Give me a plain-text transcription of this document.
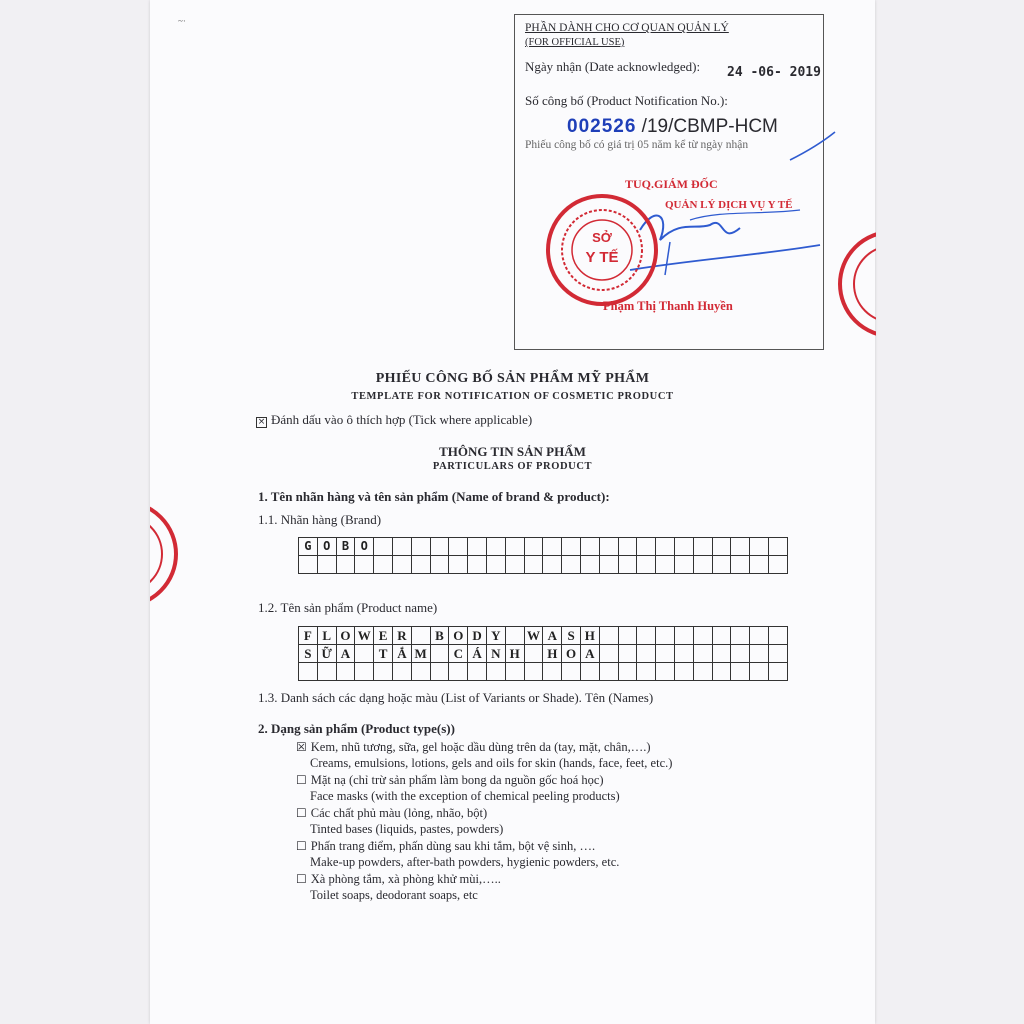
~·
PHẦN DÀNH CHO CƠ QUAN QUẢN LÝ
(FOR OFFICIAL USE)
Ngày nhận (Date acknowledged): 24 -06- 2019
Số công bố (Product Notification No.):
002526 /19/CBMP-HCM
Phiếu công bố có giá trị 05 năm kể từ ngày nhận
TUQ.GIÁM ĐỐC
QUẢN LÝ DỊCH VỤ Y TẾ
Phạm Thị Thanh Huyền
SỞ
Y TẾ
PHIẾU CÔNG BỐ SẢN PHẨM MỸ PHẨM
TEMPLATE FOR NOTIFICATION OF COSMETIC PRODUCT
× Đánh dấu vào ô thích hợp (Tick where applicable)
THÔNG TIN SẢN PHẨM
PARTICULARS OF PRODUCT
1. Tên nhãn hàng và tên sản phẩm (Name of brand & product):
1.1. Nhãn hàng (Brand)
G	O	B	O																						

1.2. Tên sản phẩm (Product name)
F	L	O	W	E	R		B	O	D	Y		W	A	S	H										
S	Ữ	A		T	Ắ	M		C	Á	N	H		H	O	A										

1.3. Danh sách các dạng hoặc màu (List of Variants or Shade). Tên (Names)
2. Dạng sản phẩm (Product type(s))
☒ Kem, nhũ tương, sữa, gel hoặc dầu dùng trên da (tay, mặt, chân,….)
Creams, emulsions, lotions, gels and oils for skin (hands, face, feet, etc.)
☐ Mặt nạ (chỉ trừ sản phẩm làm bong da nguồn gốc hoá học)
Face masks (with the exception of chemical peeling products)
☐ Các chất phủ màu (lỏng, nhão, bột)
Tinted bases (liquids, pastes, powders)
☐ Phấn trang điểm, phấn dùng sau khi tắm, bột vệ sinh, ….
Make-up powders, after-bath powders, hygienic powders, etc.
☐ Xà phòng tắm, xà phòng khử mùi,…..
Toilet soaps, deodorant soaps, etc
